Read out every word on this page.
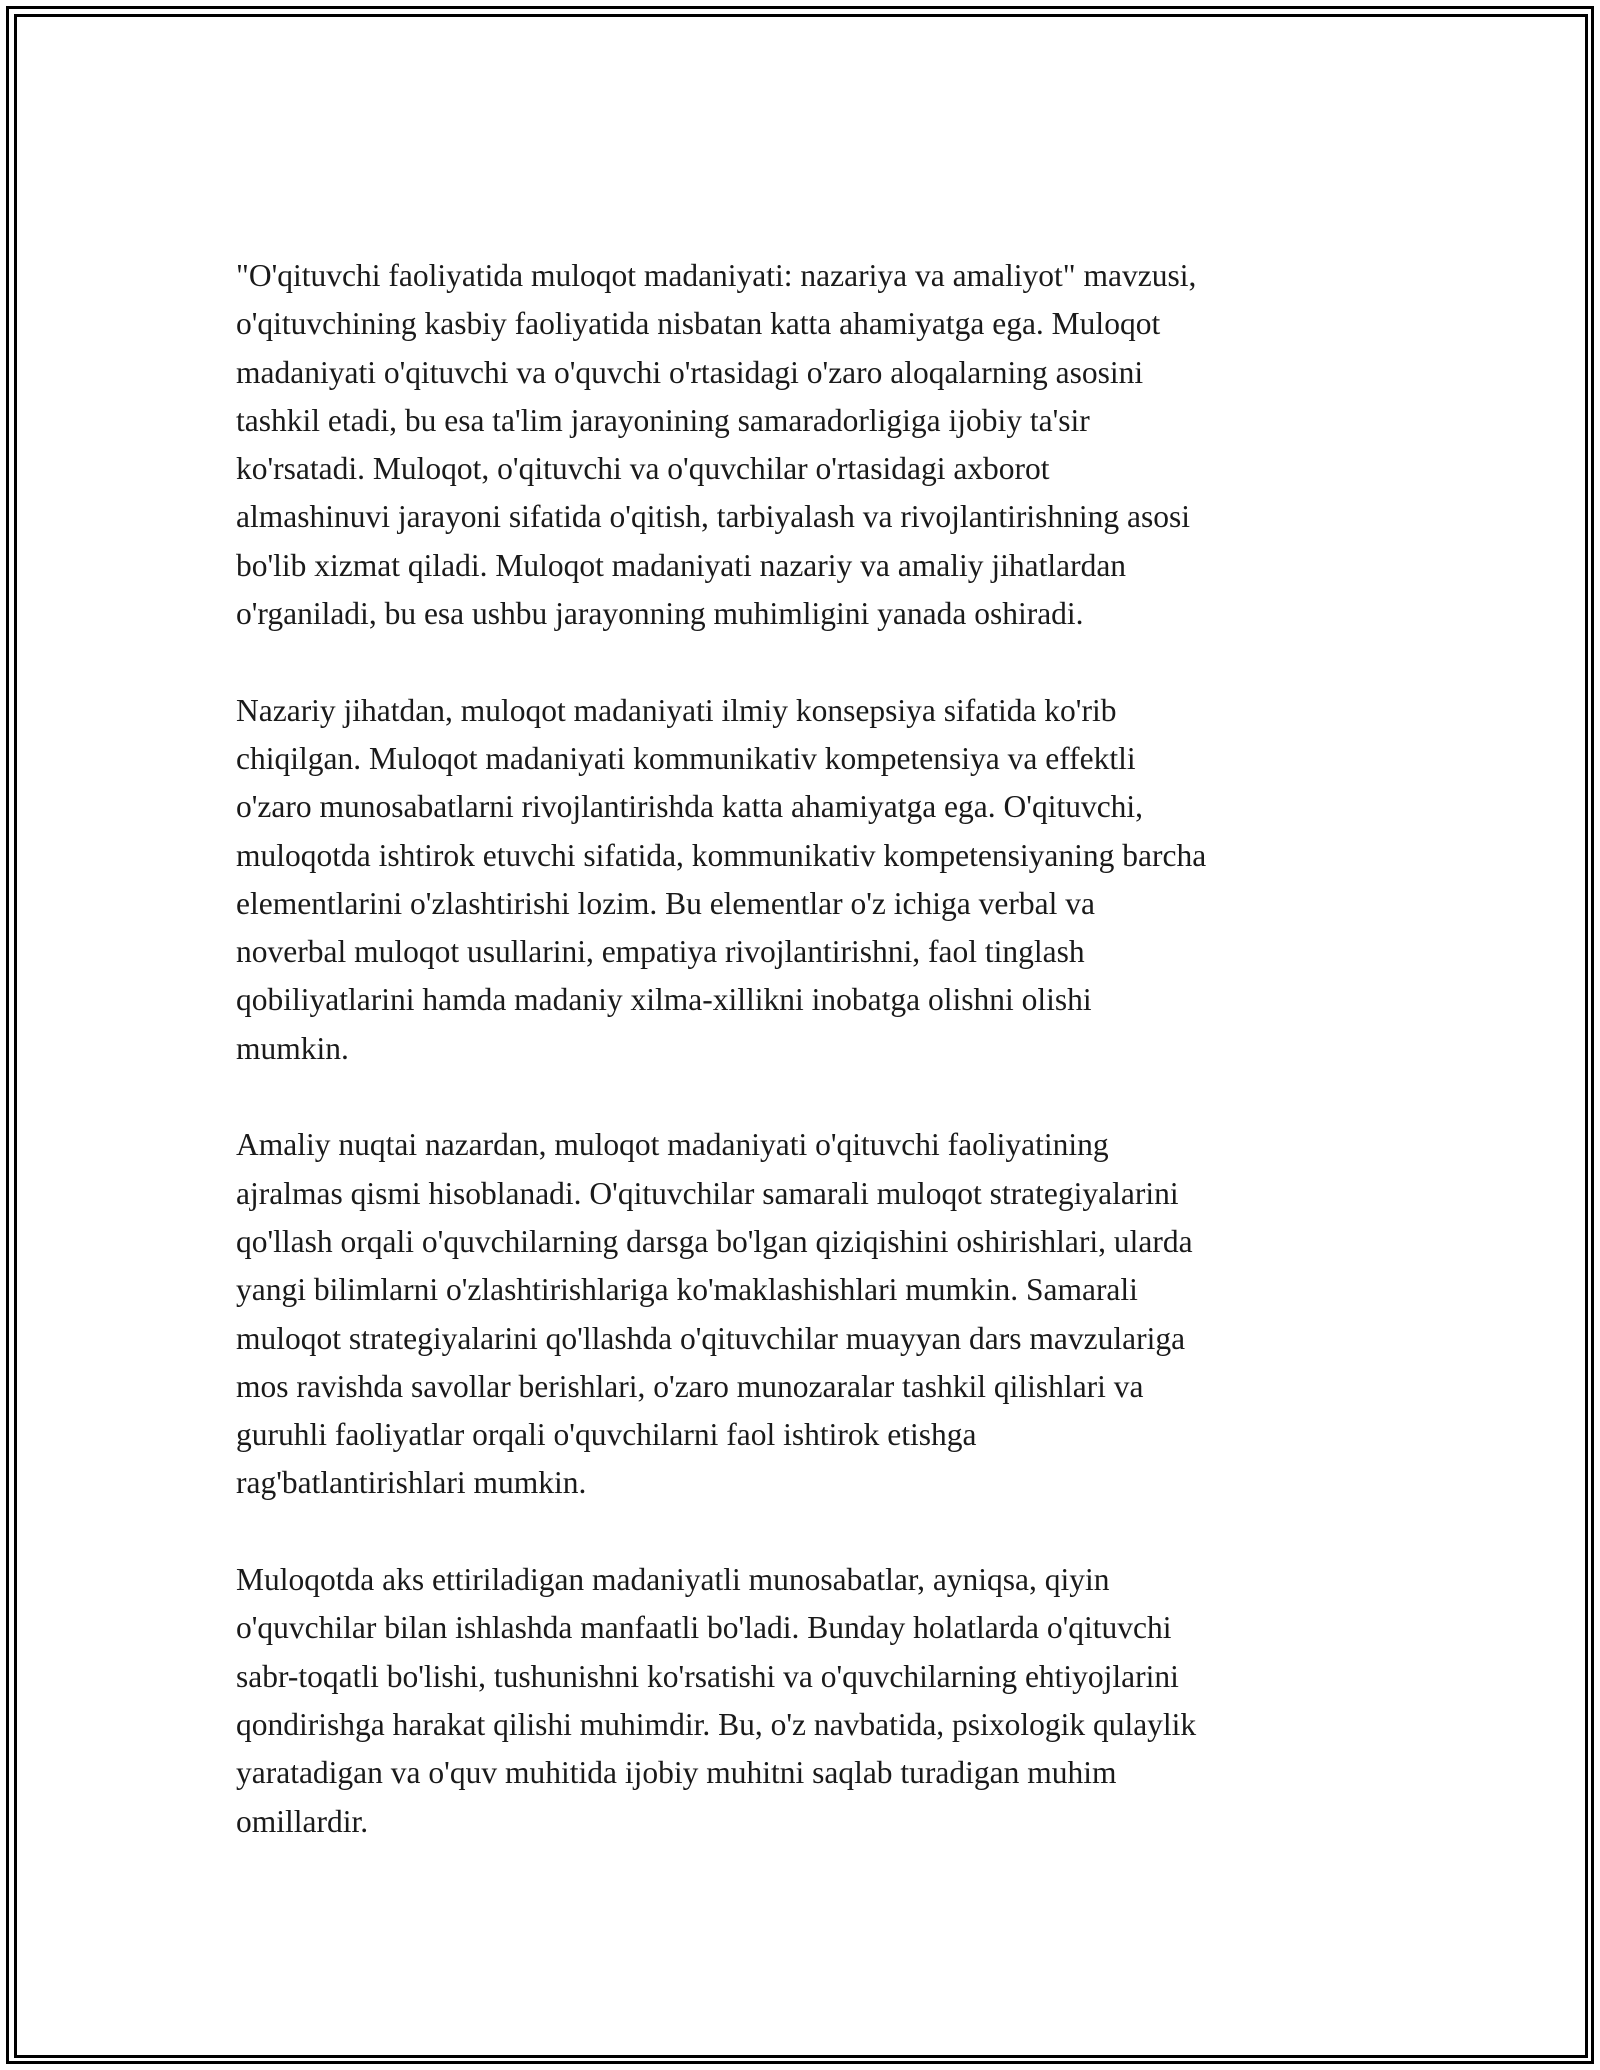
"O'qituvchi faoliyatida muloqot madaniyati: nazariya va amaliyot" mavzusi,
o'qituvchining kasbiy faoliyatida nisbatan katta ahamiyatga ega. Muloqot
madaniyati o'qituvchi va o'quvchi o'rtasidagi o'zaro aloqalarning asosini
tashkil etadi, bu esa ta'lim jarayonining samaradorligiga ijobiy ta'sir
ko'rsatadi. Muloqot, o'qituvchi va o'quvchilar o'rtasidagi axborot
almashinuvi jarayoni sifatida o'qitish, tarbiyalash va rivojlantirishning asosi
bo'lib xizmat qiladi. Muloqot madaniyati nazariy va amaliy jihatlardan
o'rganiladi, bu esa ushbu jarayonning muhimligini yanada oshiradi.
Nazariy jihatdan, muloqot madaniyati ilmiy konsepsiya sifatida ko'rib
chiqilgan. Muloqot madaniyati kommunikativ kompetensiya va effektli
o'zaro munosabatlarni rivojlantirishda katta ahamiyatga ega. O'qituvchi,
muloqotda ishtirok etuvchi sifatida, kommunikativ kompetensiyaning barcha
elementlarini o'zlashtirishi lozim. Bu elementlar o'z ichiga verbal va
noverbal muloqot usullarini, empatiya rivojlantirishni, faol tinglash
qobiliyatlarini hamda madaniy xilma-xillikni inobatga olishni olishi
mumkin.
Amaliy nuqtai nazardan, muloqot madaniyati o'qituvchi faoliyatining
ajralmas qismi hisoblanadi. O'qituvchilar samarali muloqot strategiyalarini
qo'llash orqali o'quvchilarning darsga bo'lgan qiziqishini oshirishlari, ularda
yangi bilimlarni o'zlashtirishlariga ko'maklashishlari mumkin. Samarali
muloqot strategiyalarini qo'llashda o'qituvchilar muayyan dars mavzulariga
mos ravishda savollar berishlari, o'zaro munozaralar tashkil qilishlari va
guruhli faoliyatlar orqali o'quvchilarni faol ishtirok etishga
rag'batlantirishlari mumkin.
Muloqotda aks ettiriladigan madaniyatli munosabatlar, ayniqsa, qiyin
o'quvchilar bilan ishlashda manfaatli bo'ladi. Bunday holatlarda o'qituvchi
sabr-toqatli bo'lishi, tushunishni ko'rsatishi va o'quvchilarning ehtiyojlarini
qondirishga harakat qilishi muhimdir. Bu, o'z navbatida, psixologik qulaylik
yaratadigan va o'quv muhitida ijobiy muhitni saqlab turadigan muhim
omillardir.
